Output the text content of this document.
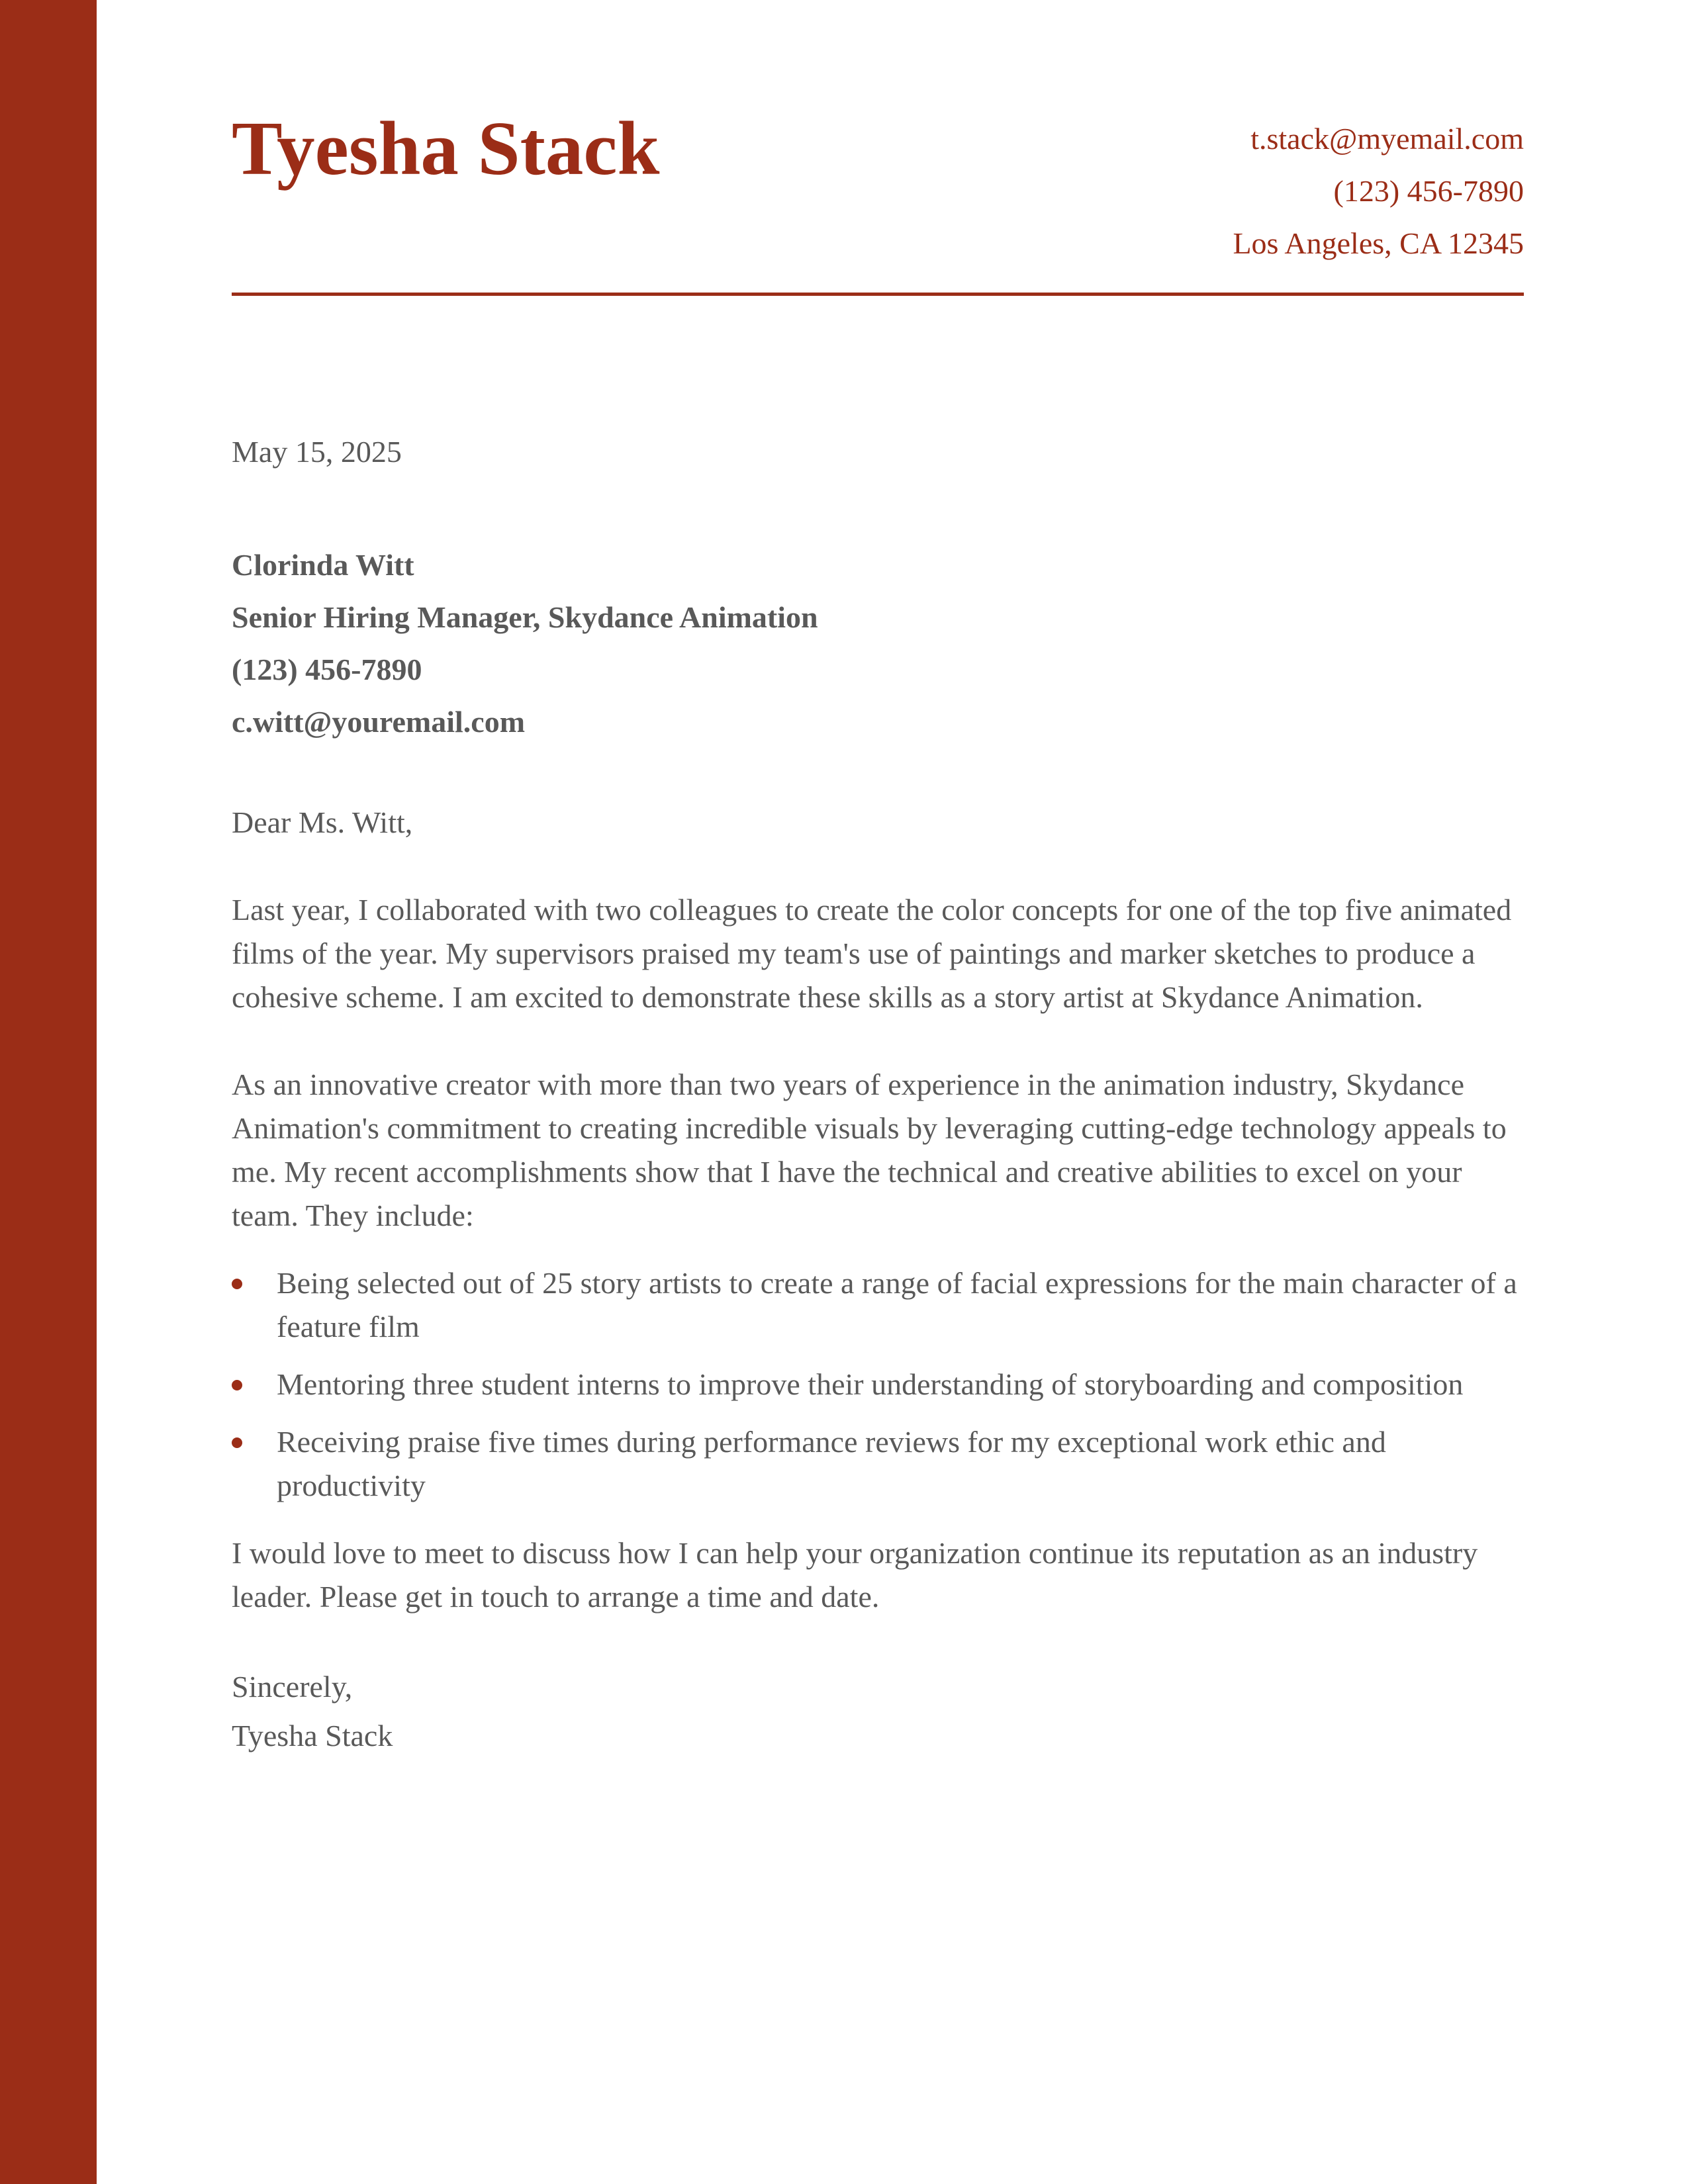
Tyesha Stack	t.stack@myemail.com
(123) 456-7890
Los Angeles, CA 12345

May 15, 2025

Clorinda Witt
Senior Hiring Manager, Skydance Animation
(123) 456-7890
c.witt@youremail.com

Dear Ms. Witt,

Last year, I collaborated with two colleagues to create the color concepts for one of the top five animated films of the year. My supervisors praised my team's use of paintings and marker sketches to produce a cohesive scheme. I am excited to demonstrate these skills as a story artist at Skydance Animation.

As an innovative creator with more than two years of experience in the animation industry, Skydance Animation's commitment to creating incredible visuals by leveraging cutting-edge technology appeals to me. My recent accomplishments show that I have the technical and creative abilities to excel on your team. They include:

Being selected out of 25 story artists to create a range of facial expressions for the main character of a feature film
Mentoring three student interns to improve their understanding of storyboarding and composition
Receiving praise five times during performance reviews for my exceptional work ethic and productivity

I would love to meet to discuss how I can help your organization continue its reputation as an industry leader. Please get in touch to arrange a time and date.

Sincerely,
Tyesha Stack
